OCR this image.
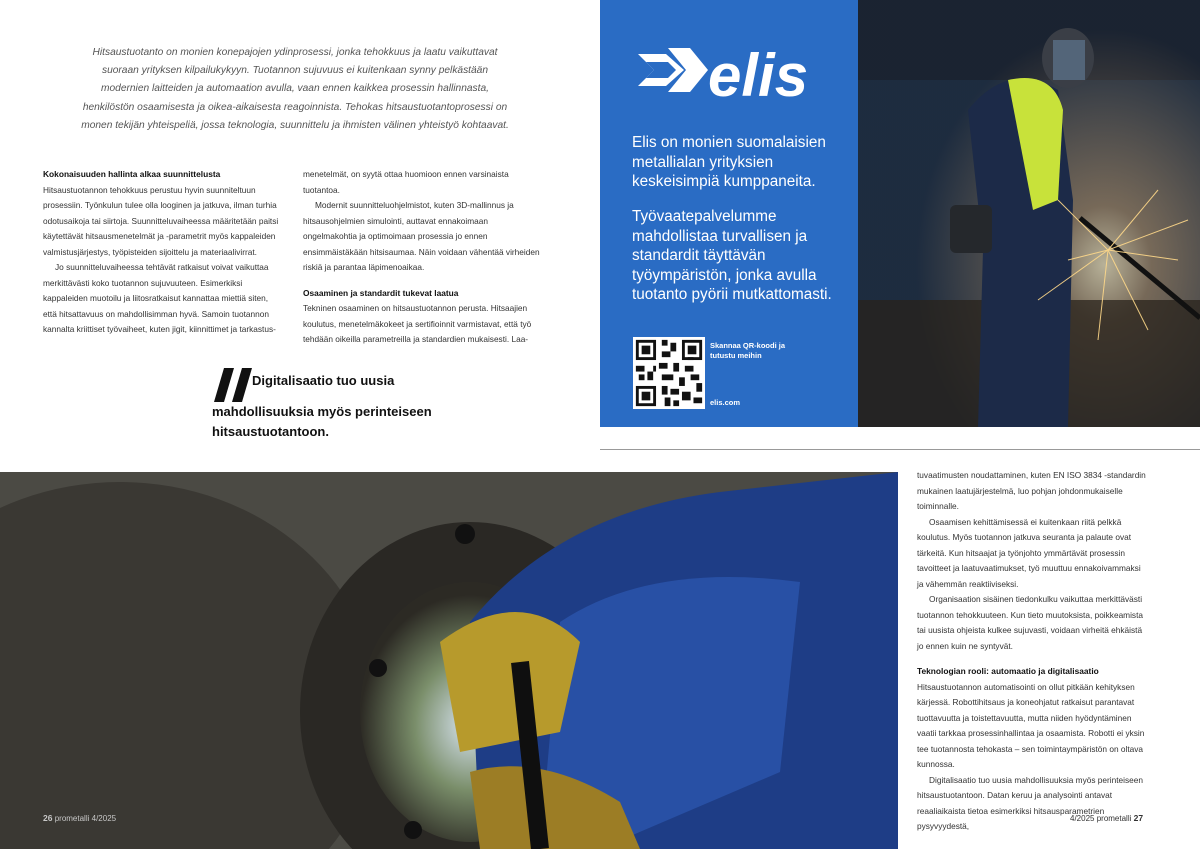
Hitsaustuotanto on monien konepajojen ydinprosessi, jonka tehokkuus ja laatu vaikuttavat suoraan yrityksen kilpailukykyyn. Tuotannon sujuvuus ei kuitenkaan synny pelkästään modernien laitteiden ja automaation avulla, vaan ennen kaikkea prosessin hallinnasta, henkilöstön osaamisesta ja oikea-aikaisesta reagoinnista. Tehokas hitsaustuotantoprosessi on monen tekijän yhteispeliä, jossa teknologia, suunnittelu ja ihmisten välinen yhteistyö kohtaavat.
Kokonaisuuden hallinta alkaa suunnittelusta

Hitsaustuotannon tehokkuus perustuu hyvin suunniteltuun prosessiin. Työnkulun tulee olla looginen ja jatkuva, ilman turhia odotusaikoja tai siirtoja. Suunnitteluvaiheessa määritetään paitsi käytettävät hitsausmenetelmät ja -parametrit myös kappaleiden valmistusjärjestys, työpisteiden sijoittelu ja materiaalivirrat.

Jo suunnitteluvaiheessa tehtävät ratkaisut voivat vaikuttaa merkittävästi koko tuotannon sujuvuuteen. Esimerkiksi kappaleiden muotoilu ja liitosratkaisut kannattaa miettiä siten, että hitsattavuus on mahdollisimman hyvä. Samoin tuotannon kannalta kriittiset työvaiheet, kuten jigit, kiinnittimet ja tarkastus-

menetelmät, on syytä ottaa huomioon ennen varsinaista tuotantoa.

Modernit suunnitteluohjelmistot, kuten 3D-mallinnus ja hitsausohjelmien simulointi, auttavat ennakoimaan ongelmakohtia ja optimoimaan prosessia jo ennen ensimmäistäkään hitsisaumaa. Näin voidaan vähentää virheiden riskiä ja parantaa läpimenoaikaa.

Osaaminen ja standardit tukevat laatua

Tekninen osaaminen on hitsaustuotannon perusta. Hitsaajien koulutus, menetelmäkokeet ja sertifioinnit varmistavat, että työ tehdään oikeilla parametreilla ja standardien mukaisesti. Laa-

Digitalisaatio tuo uusia mahdollisuuksia myös perinteiseen hitsaustuotantoon.
elis
Elis on monien suomalaisien metallialan yrityksien keskeisimpiä kumppaneita.
Työvaatepalvelumme mahdollistaa turvallisen ja standardit täyttävän työympäristön, jonka avulla tuotanto pyörii mutkattomasti.
Skannaa QR-koodi ja tutustu meihin
elis.com

tuvaatimusten noudattaminen, kuten EN ISO 3834 -standardin mukainen laatujärjestelmä, luo pohjan johdonmukaiselle toiminnalle.

Osaamisen kehittämisessä ei kuitenkaan riitä pelkkä koulutus. Myös tuotannon jatkuva seuranta ja palaute ovat tärkeitä. Kun hitsaajat ja työnjohto ymmärtävät prosessin tavoitteet ja laatuvaatimukset, työ muuttuu ennakoivammaksi ja vähemmän reaktiiviseksi.

Organisaation sisäinen tiedonkulku vaikuttaa merkittävästi tuotannon tehokkuuteen. Kun tieto muutoksista, poikkeamista tai uusista ohjeista kulkee sujuvasti, voidaan virheitä ehkäistä jo ennen kuin ne syntyvät.

Teknologian rooli: automaatio ja digitalisaatio

Hitsaustuotannon automatisointi on ollut pitkään kehityksen kärjessä. Robottihitsaus ja koneohjatut ratkaisut parantavat tuottavuutta ja toistettavuutta, mutta niiden hyödyntäminen vaatii tarkkaa prosessinhallintaa ja osaamista. Robotti ei yksin tee tuotannosta tehokasta – sen toimintaympäristön on oltava kunnossa.

Digitalisaatio tuo uusia mahdollisuuksia myös perinteiseen hitsaustuotantoon. Datan keruu ja analysointi antavat reaaliaikaista tietoa esimerkiksi hitsausparametrien pysyvyydestä,

26 prometalli 4/2025	4/2025 prometalli 27
